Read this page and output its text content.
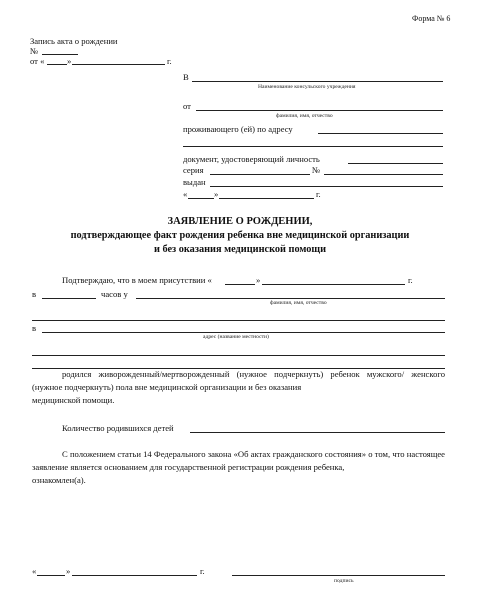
Форма № 6
Запись акта о рождении
№
от «	»	г.
В
Наименование консульского учреждения
от
фамилия, имя, отчество
проживающего (ей) по адресу
документ, удостоверяющий личность
серия	№
выдан
«	»	г.
ЗАЯВЛЕНИЕ О РОЖДЕНИИ,
подтверждающее факт рождения ребенка вне медицинской организации
и без оказания медицинской помощи
Подтверждаю, что в моем присутствии «	»	г.
в	часов у
фамилия, имя, отчество
в
адрес (название местности)
родился живорожденный/мертворожденный (нужное подчеркнуть) ребенок мужского/ женского (нужное подчеркнуть) пола вне медицинской организации и без оказания
медицинской помощи.
Количество родившихся детей
С положением статьи 14 Федерального закона «Об актах гражданского состояния» о том, что настоящее заявление является основанием для государственной регистрации рождения ребенка,
ознакомлен(а).
«	»	г.
подпись
